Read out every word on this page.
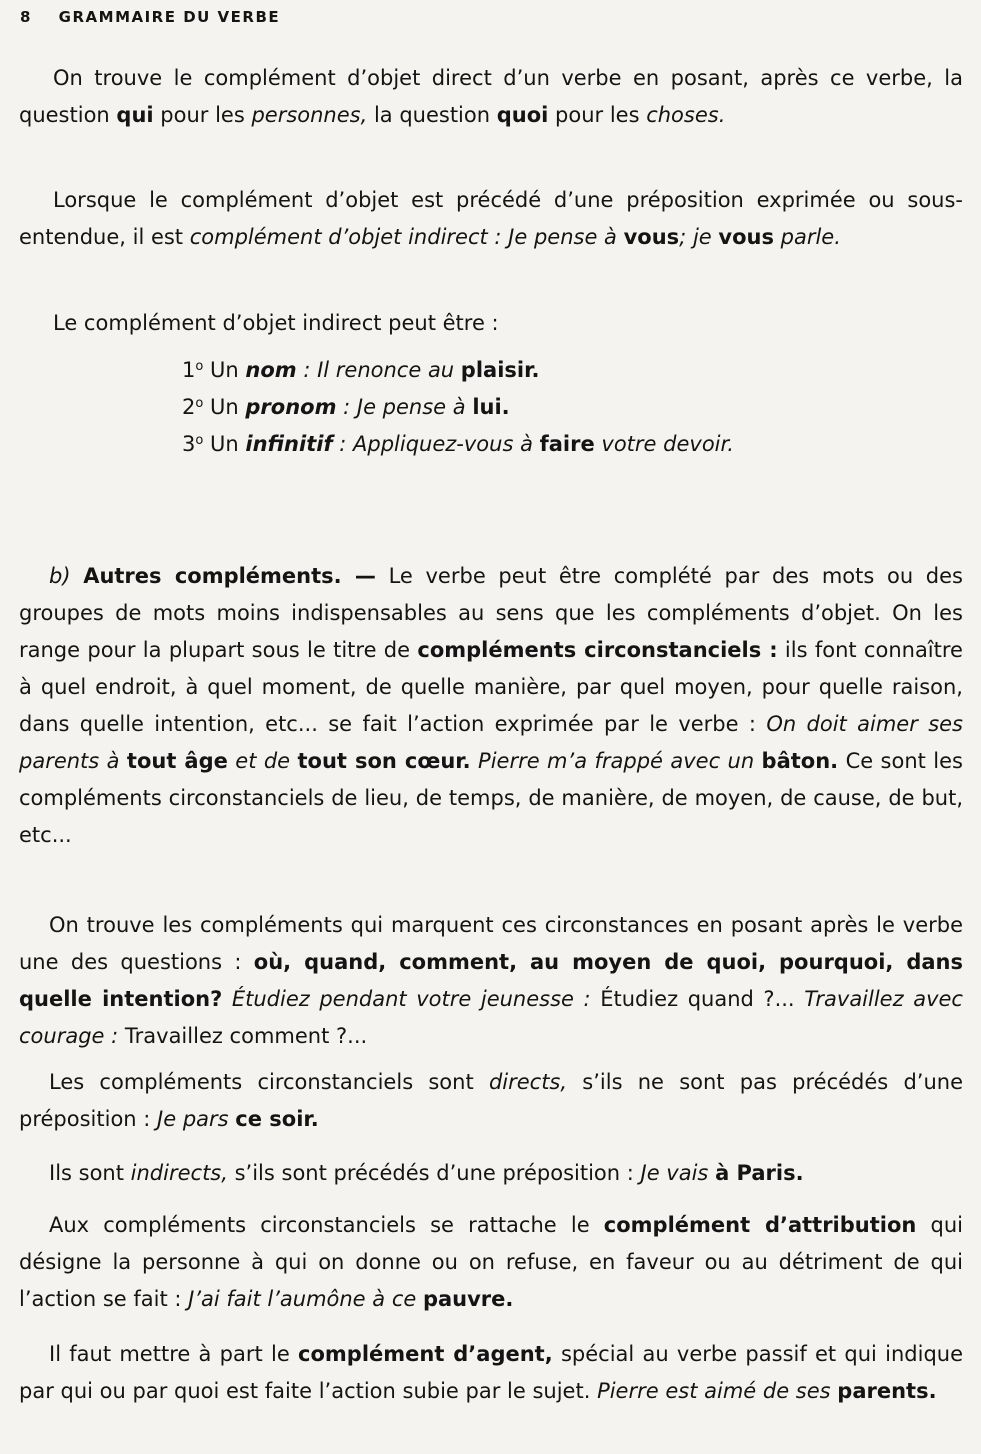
8 GRAMMAIRE DU VERBE
On trouve le complément d’objet direct d’un verbe en posant, après ce verbe, la question qui pour les personnes, la question quoi pour les choses.
Lorsque le complément d’objet est précédé d’une préposition exprimée ou sous-entendue, il est complément d’objet indirect : Je pense à vous; je vous parle.
Le complément d’objet indirect peut être :
1$^o$ Un nom : Il renonce au plaisir.
2$^o$ Un pronom : Je pense à lui.
3$^o$ Un infinitif : Appliquez-vous à faire votre devoir.
b) Autres compléments. — Le verbe peut être complété par des mots ou des groupes de mots moins indispensables au sens que les compléments d’objet. On les range pour la plupart sous le titre de compléments circonstanciels : ils font connaître à quel endroit, à quel moment, de quelle manière, par quel moyen, pour quelle raison, dans quelle intention, etc... se fait l’action exprimée par le verbe : On doit aimer ses parents à tout âge et de tout son cœur. Pierre m’a frappé avec un bâton. Ce sont les compléments circonstanciels de lieu, de temps, de manière, de moyen, de cause, de but, etc...
On trouve les compléments qui marquent ces circonstances en posant après le verbe une des questions : où, quand, comment, au moyen de quoi, pourquoi, dans quelle intention? Étudiez pendant votre jeunesse : Étudiez quand ?... Travaillez avec courage : Travaillez comment ?...
Les compléments circonstanciels sont directs, s’ils ne sont pas précédés d’une préposition : Je pars ce soir.
Ils sont indirects, s’ils sont précédés d’une préposition : Je vais à Paris.
Aux compléments circonstanciels se rattache le complément d’attribution qui désigne la personne à qui on donne ou on refuse, en faveur ou au détriment de qui l’action se fait : J’ai fait l’aumône à ce pauvre.
Il faut mettre à part le complément d’agent, spécial au verbe passif et qui indique par qui ou par quoi est faite l’action subie par le sujet. Pierre est aimé de ses parents.
